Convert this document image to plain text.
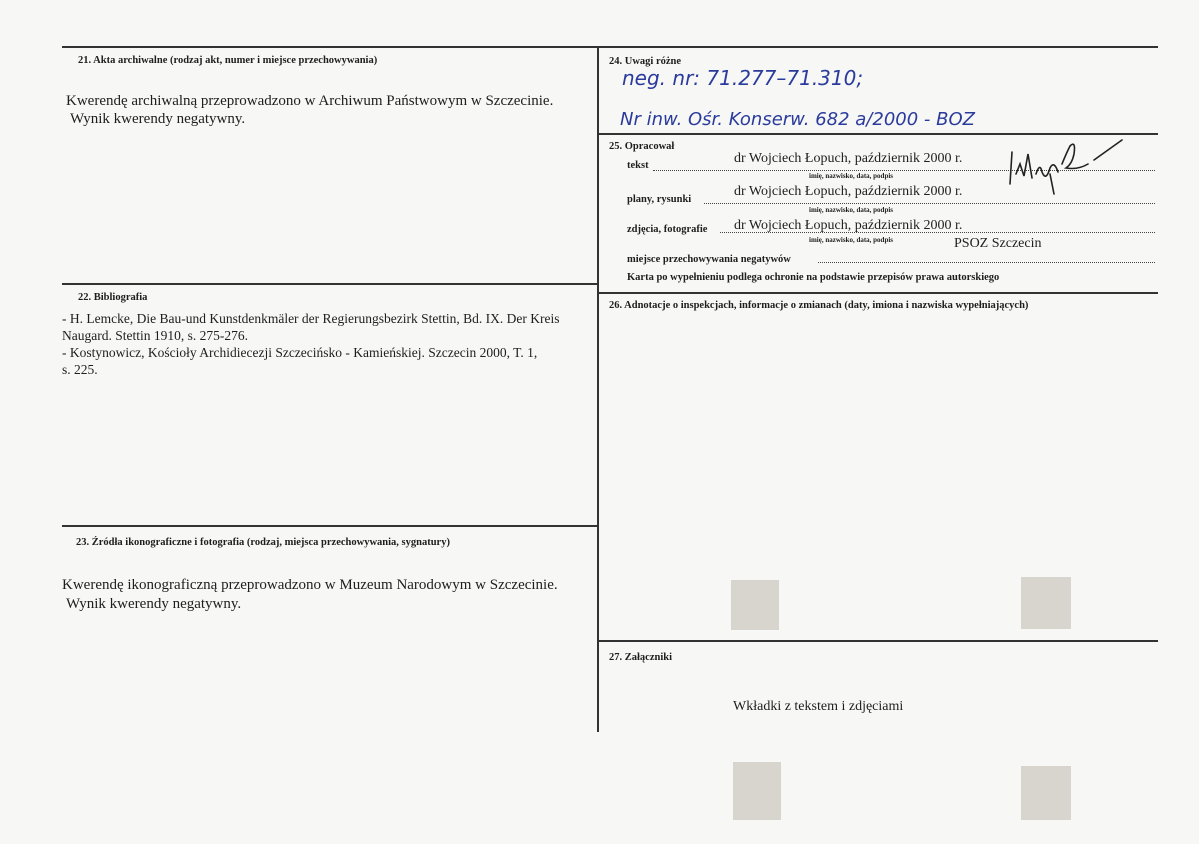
21. Akta archiwalne (rodzaj akt, numer i miejsce przechowywania)
Kwerendę archiwalną przeprowadzono w Archiwum Państwowym w Szczecinie.
Wynik kwerendy negatywny.
22. Bibliografia
- H. Lemcke, Die Bau-und Kunstdenkmäler der Regierungsbezirk Stettin, Bd. IX. Der Kreis
Naugard. Stettin 1910, s. 275-276.
- Kostynowicz, Kościoły Archidiecezji Szczecińsko - Kamieńskiej. Szczecin 2000, T. 1,
s. 225.
23. Źródła ikonograficzne i fotografia (rodzaj, miejsca przechowywania, sygnatury)
Kwerendę ikonograficzną przeprowadzono w Muzeum Narodowym w Szczecinie.
Wynik kwerendy negatywny.
24. Uwagi różne
neg. nr: 71.277–71.310;
Nr inw. Ośr. Konserw. 682 a/2000 - BOZ
25. Opracował
tekst	dr Wojciech Łopuch, październik 2000 r.
imię, nazwisko, data, podpis
plany, rysunki
dr Wojciech Łopuch, październik 2000 r.
imię, nazwisko, data, podpis
zdjęcia, fotografie dr Wojciech Łopuch, październik 2000 r.
imię, nazwisko, data, podpis	PSOZ Szczecin
miejsce przechowywania negatywów
Karta po wypełnieniu podlega ochronie na podstawie przepisów prawa autorskiego
26. Adnotacje o inspekcjach, informacje o zmianach (daty, imiona i nazwiska wypełniających)
27. Załączniki
Wkładki z tekstem i zdjęciami
